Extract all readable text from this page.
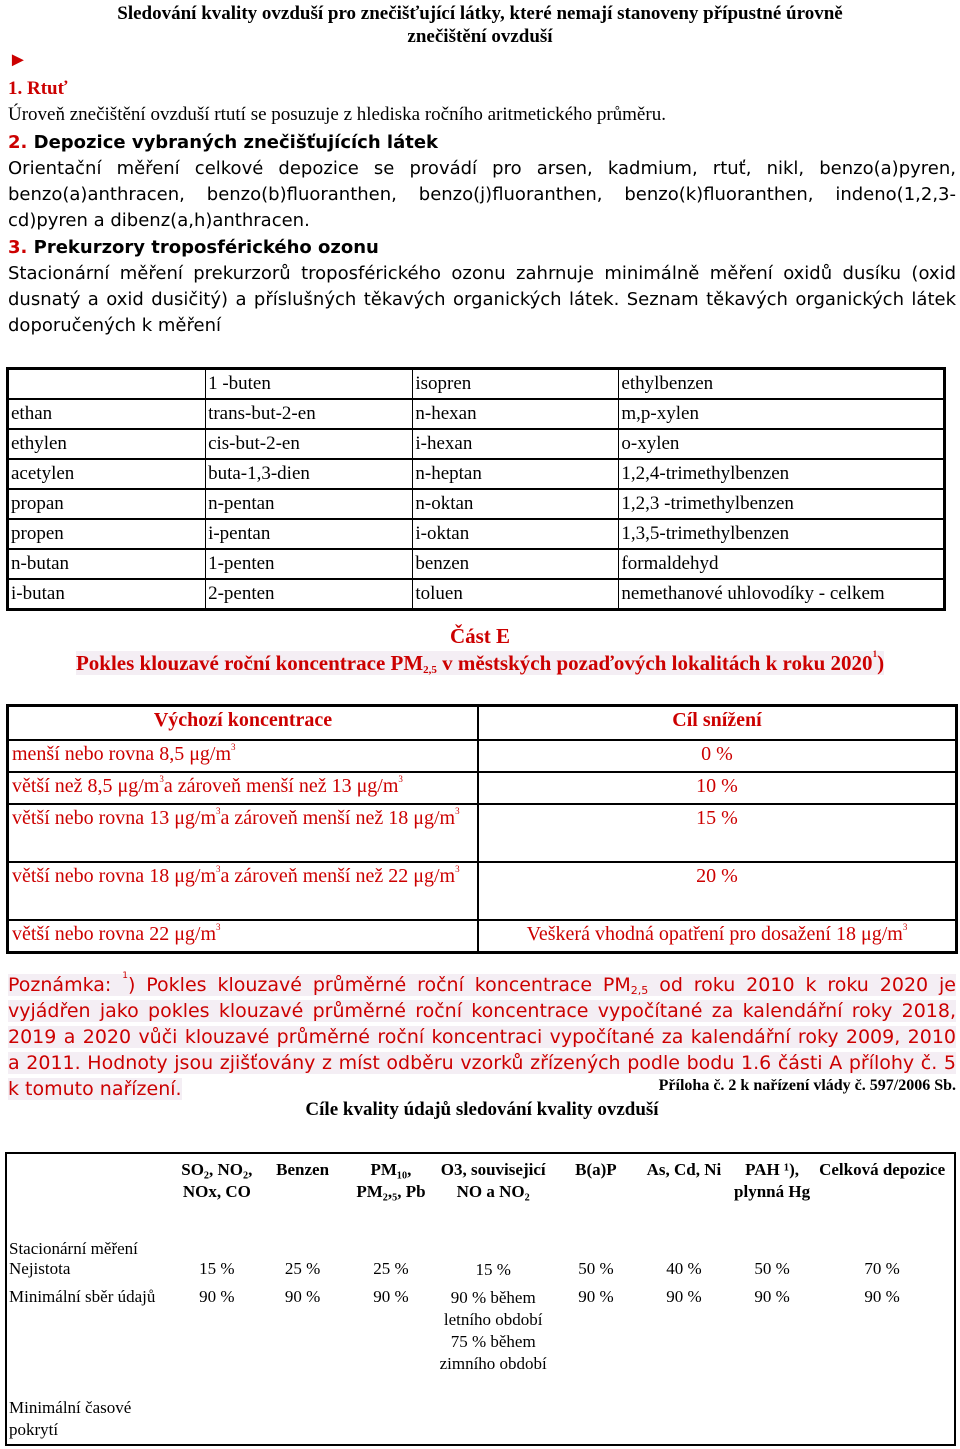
Sledování kvality ovzduší pro znečišťující látky, které nemají stanoveny přípustné úrovně
znečištění ovzduší
►
1. Rtuť
Úroveň znečištění ovzduší rtutí se posuzuje z hlediska ročního aritmetického průměru.
2. Depozice vybraných znečišťujících látek
Orientační měření celkové depozice se provádí pro arsen, kadmium, rtuť, nikl, benzo(a)pyren, benzo(a)anthracen, benzo(b)fluoranthen, benzo(j)fluoranthen, benzo(k)fluoranthen, indeno(1,2,3-cd)pyren a dibenz(a,h)anthracen.
3. Prekurzory troposférického ozonu
Stacionární měření prekurzorů troposférického ozonu zahrnuje minimálně měření oxidů dusíku (oxid dusnatý a oxid dusičitý) a příslušných těkavých organických látek. Seznam těkavých organických látek doporučených k měření
	1 -buten	isopren	ethylbenzen
ethan	trans-but-2-en	n-hexan	m,p-xylen
ethylen	cis-but-2-en	i-hexan	o-xylen
acetylen	buta-1,3-dien	n-heptan	1,2,4-trimethylbenzen
propan	n-pentan	n-oktan	1,2,3 -trimethylbenzen
propen	i-pentan	i-oktan	1,3,5-trimethylbenzen
n-butan	1-penten	benzen	formaldehyd
i-butan	2-penten	toluen	nemethanové uhlovodíky - celkem
Část E
Pokles klouzavé roční koncentrace $PM_{2,5}$ v městských pozaďových lokalitách k roku 2020$^1$)
Výchozí koncentrace	Cíl snížení
menší nebo rovna 8,5 $\mu g/m^3$	0 %
větší než 8,5 $\mu g/m^3a$ zároveň menší než 13 $\mu g/m^3$	10 %
větší nebo rovna 13 $\mu g/m^3a$ zároveň menší než 18 $\mu g/m^3$	15 %
větší nebo rovna 18 $\mu g/m^3a$ zároveň menší než 22 $\mu g/m^3$	20 %
větší nebo rovna 22 $\mu g/m^3$	Veškerá vhodná opatření pro dosažení 18 $\mu g/m^3$
Poznámka: $^1$) Pokles klouzavé průměrné roční koncentrace $PM_{2,5}$ od roku 2010 k roku 2020 je vyjádřen jako pokles klouzavé průměrné roční koncentrace vypočítané za kalendářní roky 2018, 2019 a 2020 vůči klouzavé průměrné roční koncentraci vypočítané za kalendářní roky 2009, 2010 a 2011. Hodnoty jsou zjišťovány z míst odběru vzorků zřízených podle bodu 1.6 části A přílohy č. 5 k tomuto nařízení.	Příloha č. 2 k nařízení vlády č. 597/2006 Sb.
Cíle kvality údajů sledování kvality ovzduší
	SO₂, NO₂, NOx, CO	Benzen	PM₁₀, PM₂,₅, Pb	O3, souvisejicí NO a NO₂	B(a)P	As, Cd, Ni	PAH ¹), plynná Hg	Celková depozice	
Stacionární měření									
Nejistota	15 %	25 %	25 %	15 %	50 %	40 %	50 %	70 %	
Minimální sběr údajů	90 %	90 %	90 %	90 % během letního období 75 % během zimního období	90 %	90 %	90 %	90 %	

Minimální časové pokrytí									
